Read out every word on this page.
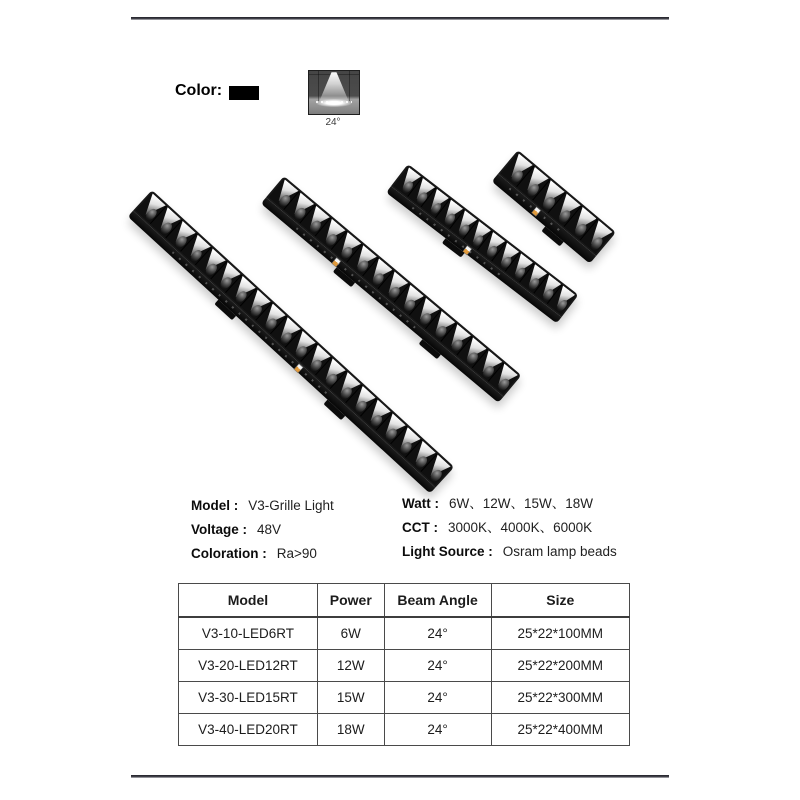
Color:
24°
Model : V3-Grille Light
Voltage : 48V
Coloration : Ra>90
Watt : 6W、12W、15W、18W
CCT : 3000K、4000K、6000K
Light Source : Osram lamp beads
Model	Power	Beam Angle	Size
V3-10-LED6RT	6W	24°	25*22*100MM
V3-20-LED12RT	12W	24°	25*22*200MM
V3-30-LED15RT	15W	24°	25*22*300MM
V3-40-LED20RT	18W	24°	25*22*400MM
